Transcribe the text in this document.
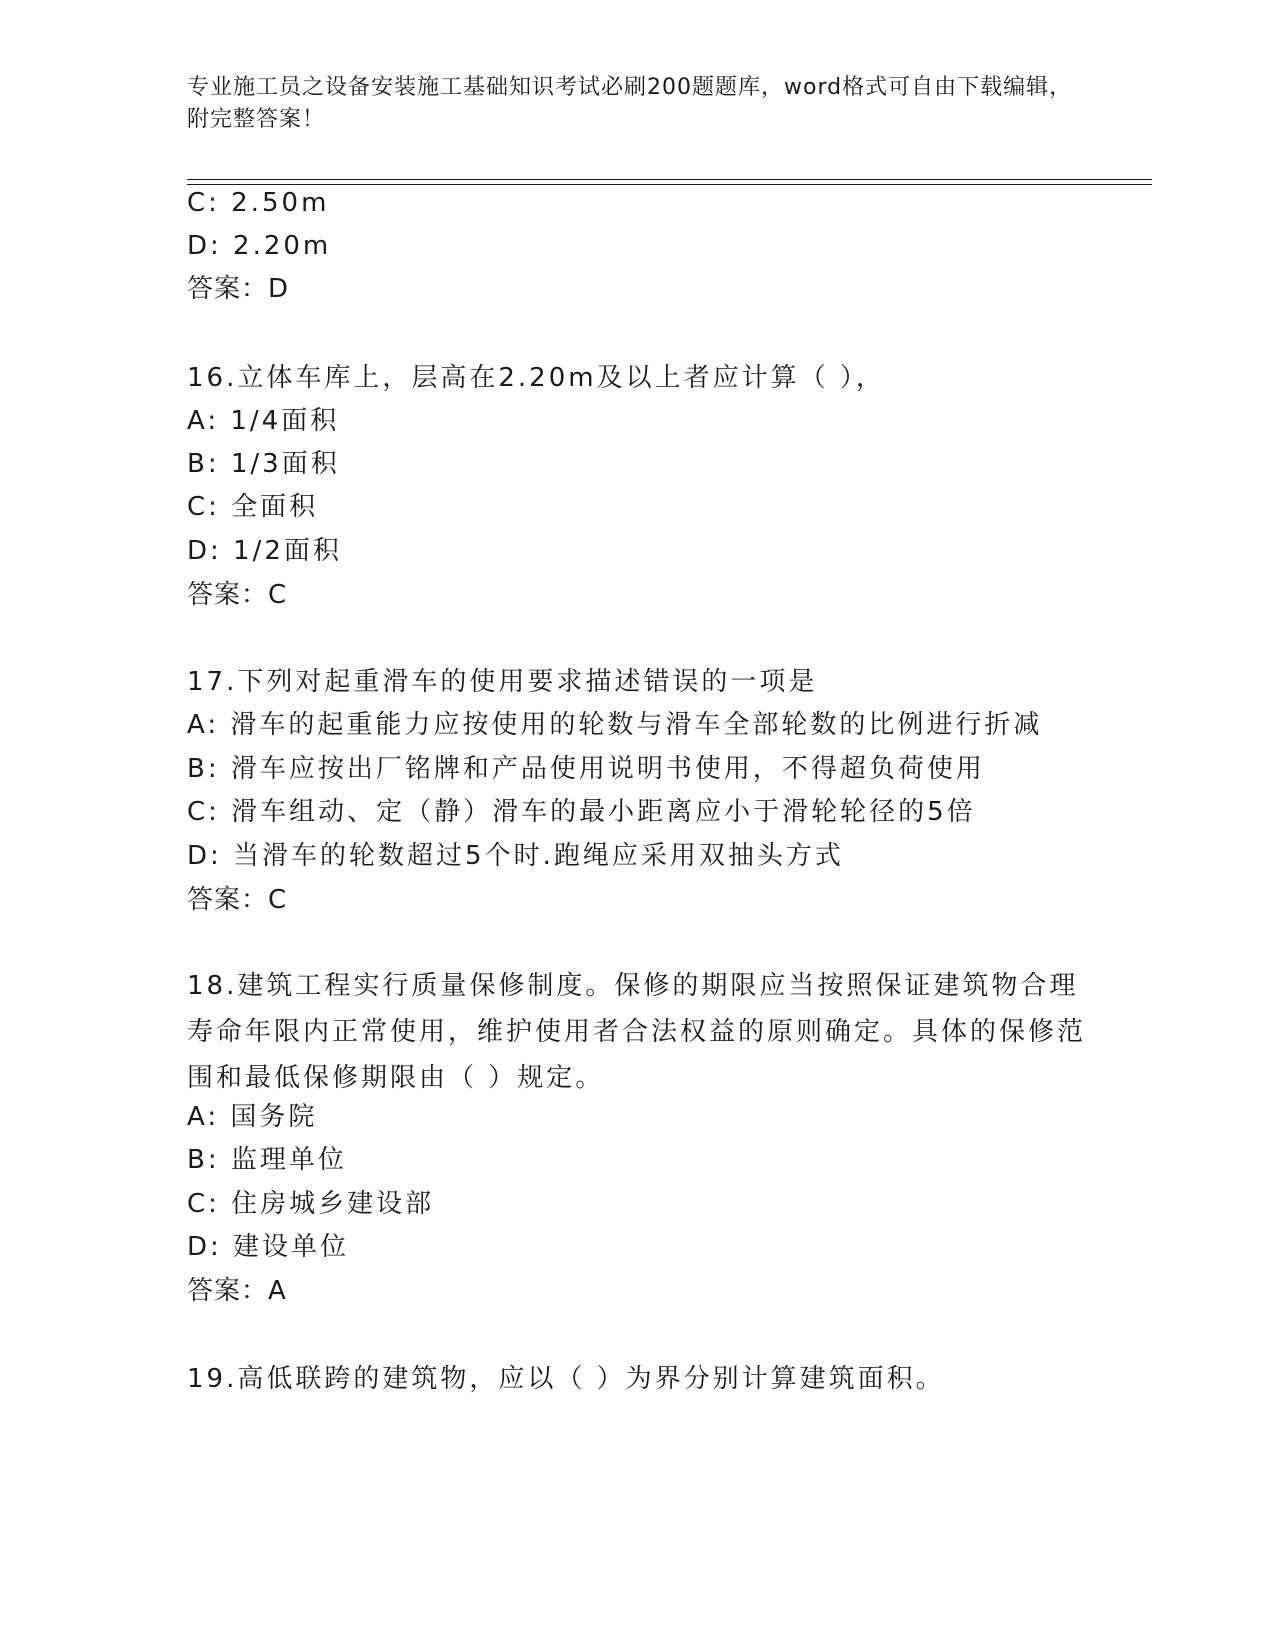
专业施工员之设备安装施工基础知识考试必刷200题题库，word格式可自由下载编辑，附完整答案！
C: 2.50m
D: 2.20m
答案：D
16.立体车库上，层高在2.20m及以上者应计算（ ），
A: 1/4面积
B: 1/3面积
C: 全面积
D: 1/2面积
答案：C
17.下列对起重滑车的使用要求描述错误的一项是
A: 滑车的起重能力应按使用的轮数与滑车全部轮数的比例进行折减
B: 滑车应按出厂铭牌和产品使用说明书使用，不得超负荷使用
C: 滑车组动、定（静）滑车的最小距离应小于滑轮轮径的5倍
D: 当滑车的轮数超过5个时.跑绳应采用双抽头方式
答案：C
18.建筑工程实行质量保修制度。保修的期限应当按照保证建筑物合理寿命年限内正常使用，维护使用者合法权益的原则确定。具体的保修范围和最低保修期限由（ ）规定。
A: 国务院
B: 监理单位
C: 住房城乡建设部
D: 建设单位
答案：A
19.高低联跨的建筑物，应以（ ）为界分别计算建筑面积。
